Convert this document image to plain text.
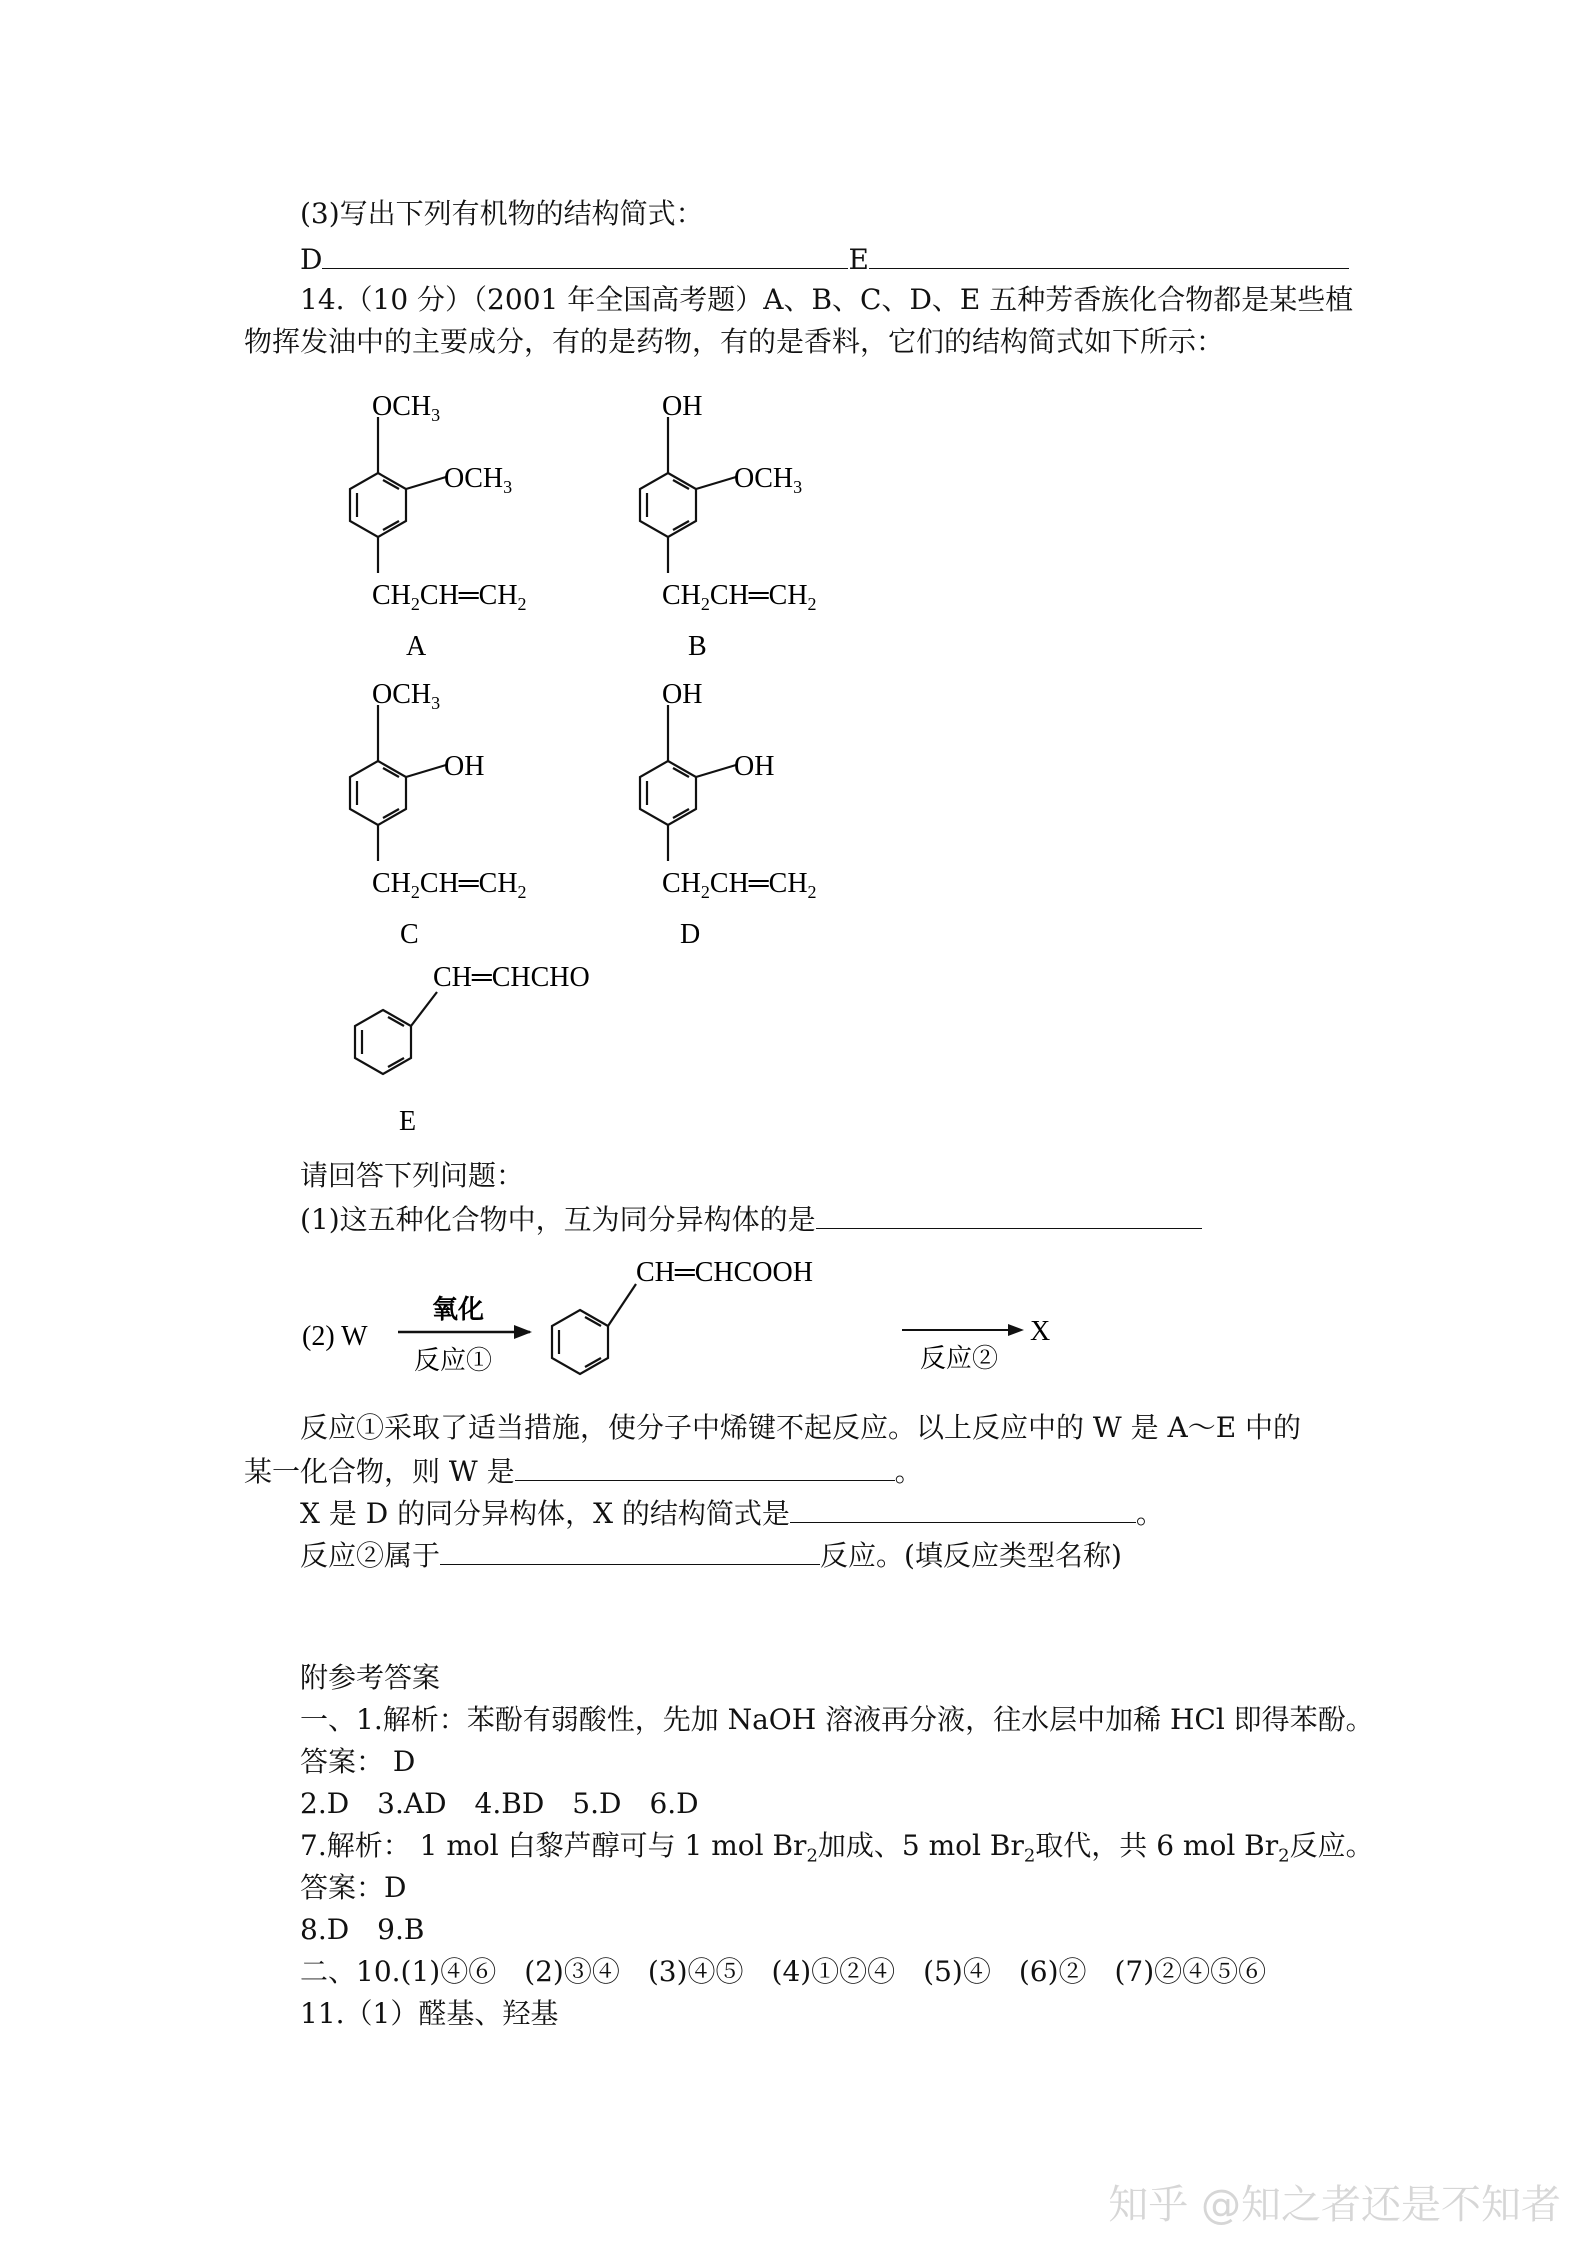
(3)写出下列有机物的结构简式：
D	E
14.（10 分）（2001 年全国高考题）A、B、C、D、E 五种芳香族化合物都是某些植
物挥发油中的主要成分，有的是药物，有的是香料，它们的结构简式如下所示：
$OCH_3$
$OCH_3$
$CH_2CH═CH_2$
A
OH
$OCH_3$
$CH_2CH═CH_2$
B
$OCH_3$
OH
$CH_2CH═CH_2$
C
OH
OH
$CH_2CH═CH_2$
D
CH═CHCHO
E
(2) W
氧化
反应①
CH═CHCOOH
X
反应②
请回答下列问题：
(1)这五种化合物中，互为同分异构体的是
反应①采取了适当措施，使分子中烯键不起反应。以上反应中的 W 是 A～E 中的
某一化合物，则 W 是	。
X 是 D 的同分异构体，X 的结构简式是	。
反应②属于	反应。(填反应类型名称)
附参考答案
一、1.解析：苯酚有弱酸性，先加 NaOH 溶液再分液，往水层中加稀 HCl 即得苯酚。
答案： D
2.D　3.AD　4.BD　5.D　6.D
7.解析： 1 mol 白黎芦醇可与 1 mol $Br_2$加成、5 mol $Br_2$取代，共 6 mol $Br_2$反应。
答案：D
8.D　9.B
二、10.(1)④⑥　(2)③④　(3)④⑤　(4)①②④　(5)④　(6)②　(7)②④⑤⑥
11.（1）醛基、羟基
知乎 @知之者还是不知者
